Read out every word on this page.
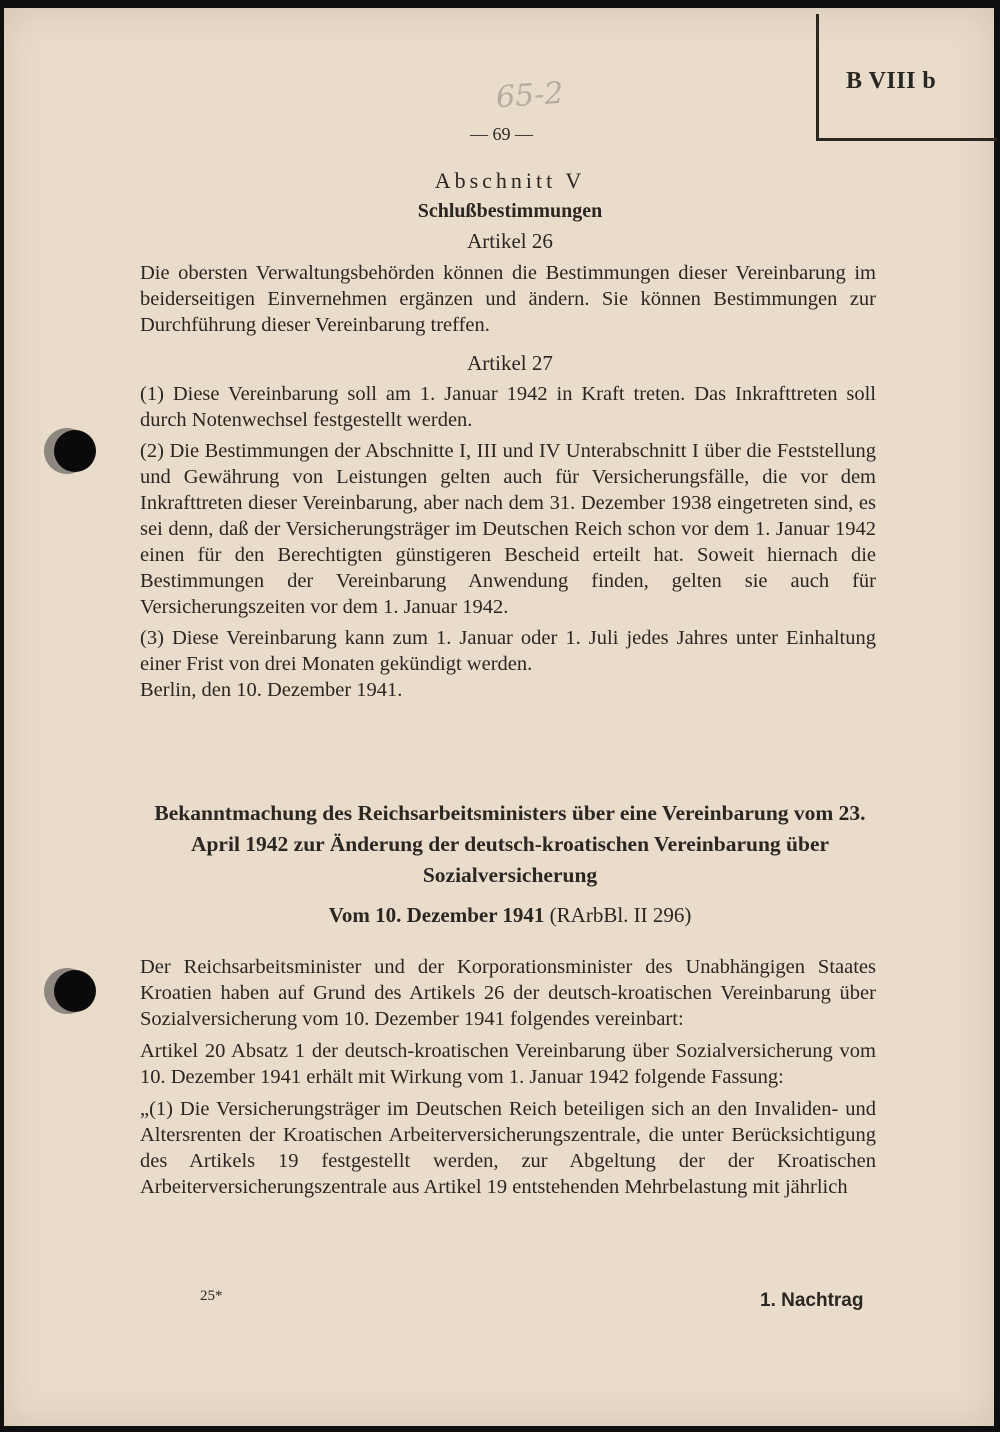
B VIII b
65-2
— 69 —
Abschnitt V
Schlußbestimmungen
Artikel 26

Die obersten Verwaltungsbehörden können die Bestimmungen dieser Vereinbarung im beiderseitigen Einvernehmen ergänzen und ändern. Sie können Bestimmungen zur Durchführung dieser Vereinbarung treffen.

Artikel 27

(1) Diese Vereinbarung soll am 1. Januar 1942 in Kraft treten. Das Inkrafttreten soll durch Notenwechsel festgestellt werden.

(2) Die Bestimmungen der Abschnitte I, III und IV Unterabschnitt I über die Feststellung und Gewährung von Leistungen gelten auch für Versicherungsfälle, die vor dem Inkrafttreten dieser Vereinbarung, aber nach dem 31. Dezember 1938 eingetreten sind, es sei denn, daß der Versicherungsträger im Deutschen Reich schon vor dem 1. Januar 1942 einen für den Berechtigten günstigeren Bescheid erteilt hat. Soweit hiernach die Bestimmungen der Vereinbarung Anwendung finden, gelten sie auch für Versicherungszeiten vor dem 1. Januar 1942.

(3) Diese Vereinbarung kann zum 1. Januar oder 1. Juli jedes Jahres unter Einhaltung einer Frist von drei Monaten gekündigt werden.

Berlin, den 10. Dezember 1941.

Bekanntmachung des Reichsarbeitsministers über eine Vereinbarung vom 23. April 1942 zur Änderung der deutsch-kroatischen Vereinbarung über Sozialversicherung
Vom 10. Dezember 1941 (RArbBl. II 296)

Der Reichsarbeitsminister und der Korporationsminister des Unabhängigen Staates Kroatien haben auf Grund des Artikels 26 der deutsch-kroatischen Vereinbarung über Sozialversicherung vom 10. Dezember 1941 folgendes vereinbart:

Artikel 20 Absatz 1 der deutsch-kroatischen Vereinbarung über Sozialversicherung vom 10. Dezember 1941 erhält mit Wirkung vom 1. Januar 1942 folgende Fassung:

„(1) Die Versicherungsträger im Deutschen Reich beteiligen sich an den Invaliden- und Altersrenten der Kroatischen Arbeiterversicherungszentrale, die unter Berücksichtigung des Artikels 19 festgestellt werden, zur Abgeltung der der Kroatischen Arbeiterversicherungszentrale aus Artikel 19 entstehenden Mehrbelastung mit jährlich

25*	1. Nachtrag
